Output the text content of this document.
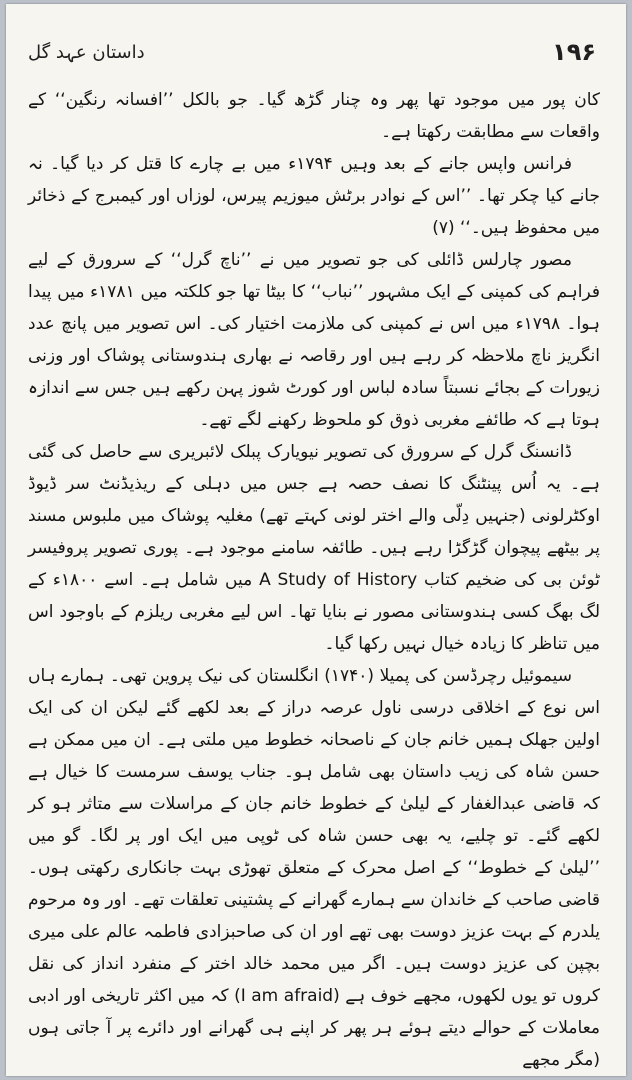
داستان عہد گل	۱۹۶

کان پور میں موجود تھا پھر وہ چنار گڑھ گیا۔ جو بالکل ’’افسانہ رنگین‘‘ کے واقعات سے مطابقت رکھتا ہے۔

فرانس واپس جانے کے بعد وہیں ۱۷۹۴ء میں بے چارے کا قتل کر دیا گیا۔ نہ جانے کیا چکر تھا۔ ’’اس کے نوادر برٹش میوزیم پیرس، لوزاں اور کیمبرج کے ذخائر میں محفوظ ہیں۔‘‘ (۷)

مصور چارلس ڈائلی کی جو تصویر میں نے ’’ناچ گرل‘‘ کے سرورق کے لیے فراہم کی کمپنی کے ایک مشہور ’’نباب‘‘ کا بیٹا تھا جو کلکتہ میں ۱۷۸۱ء میں پیدا ہوا۔ ۱۷۹۸ء میں اس نے کمپنی کی ملازمت اختیار کی۔ اس تصویر میں پانچ عدد انگریز ناچ ملاحظہ کر رہے ہیں اور رقاصہ نے بھاری ہندوستانی پوشاک اور وزنی زیورات کے بجائے نسبتاً سادہ لباس اور کورٹ شوز پہن رکھے ہیں جس سے اندازہ ہوتا ہے کہ طائفے مغربی ذوق کو ملحوظ رکھنے لگے تھے۔

ڈانسنگ گرل کے سرورق کی تصویر نیویارک پبلک لائبریری سے حاصل کی گئی ہے۔ یہ اُس پینٹنگ کا نصف حصہ ہے جس میں دہلی کے ریذیڈنٹ سر ڈیوڈ اوکٹرلونی (جنہیں دِلّی والے اختر لونی کہتے تھے) مغلیہ پوشاک میں ملبوس مسند پر بیٹھے پیچوان گڑگڑا رہے ہیں۔ طائفہ سامنے موجود ہے۔ پوری تصویر پروفیسر ٹوئن بی کی ضخیم کتاب A Study of History میں شامل ہے۔ اسے ۱۸۰۰ء کے لگ بھگ کسی ہندوستانی مصور نے بنایا تھا۔ اس لیے مغربی ریلزم کے باوجود اس میں تناظر کا زیادہ خیال نہیں رکھا گیا۔

سیموئیل رچرڈسن کی پمیلا (۱۷۴۰) انگلستان کی نیک پروین تھی۔ ہمارے ہاں اس نوع کے اخلاقی درسی ناول عرصہ دراز کے بعد لکھے گئے لیکن ان کی ایک اولین جھلک ہمیں خانم جان کے ناصحانہ خطوط میں ملتی ہے۔ ان میں ممکن ہے حسن شاہ کی زیب داستان بھی شامل ہو۔ جناب یوسف سرمست کا خیال ہے کہ قاضی عبدالغفار کے لیلیٰ کے خطوط خانم جان کے مراسلات سے متاثر ہو کر لکھے گئے۔ تو چلیے، یہ بھی حسن شاہ کی ٹوپی میں ایک اور پر لگا۔ گو میں ’’لیلیٰ کے خطوط‘‘ کے اصل محرک کے متعلق تھوڑی بہت جانکاری رکھتی ہوں۔ قاضی صاحب کے خاندان سے ہمارے گھرانے کے پشتینی تعلقات تھے۔ اور وہ مرحوم یلدرم کے بہت عزیز دوست بھی تھے اور ان کی صاحبزادی فاطمہ عالم علی میری بچپن کی عزیز دوست ہیں۔ اگر میں محمد خالد اختر کے منفرد انداز کی نقل کروں تو یوں لکھوں، مجھے خوف ہے (I am afraid) کہ میں اکثر تاریخی اور ادبی معاملات کے حوالے دیتے ہوئے ہر پھر کر اپنے ہی گھرانے اور دائرے پر آ جاتی ہوں (مگر مجھے
